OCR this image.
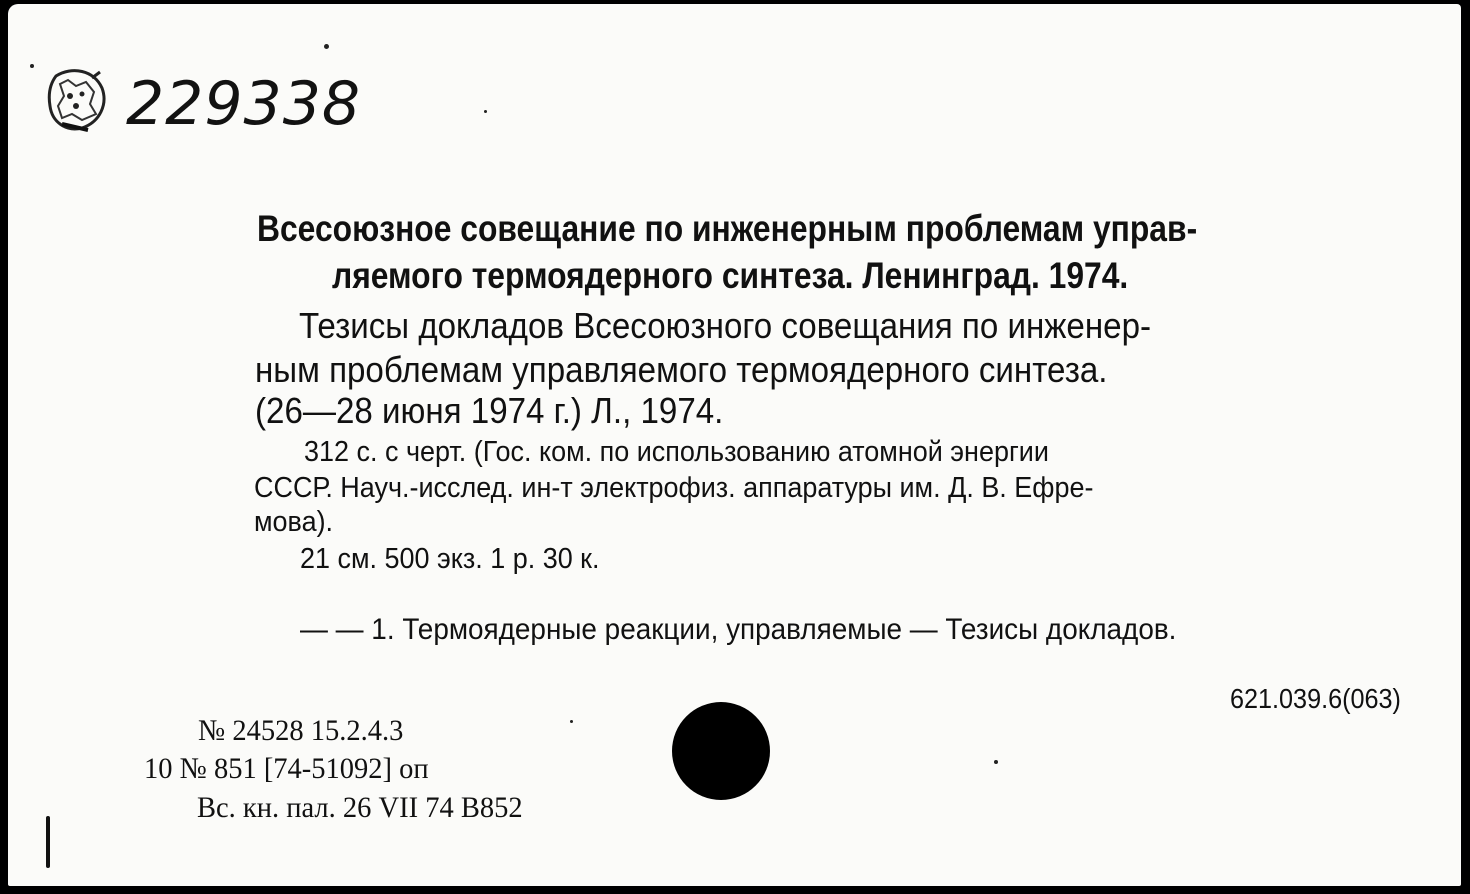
229338
Всесоюзное совещание по инженерным проблемам управ-
ляемого термоядерного синтеза. Ленинград. 1974.
Тезисы докладов Всесоюзного совещания по инженер-
ным проблемам управляемого термоядерного синтеза.
(26—28 июня 1974 г.) Л., 1974.
312 с. с черт. (Гос. ком. по использованию атомной энергии
СССР. Науч.-исслед. ин-т электрофиз. аппаратуры им. Д. В. Ефре-
мова).
21 см. 500 экз. 1 р. 30 к.
— — 1. Термоядерные реакции, управляемые — Тезисы докладов.
621.039.6(063)
№ 24528 15.2.4.3
10 № 851 [74-51092] оп
Вс. кн. пал. 26 VII 74 В852
